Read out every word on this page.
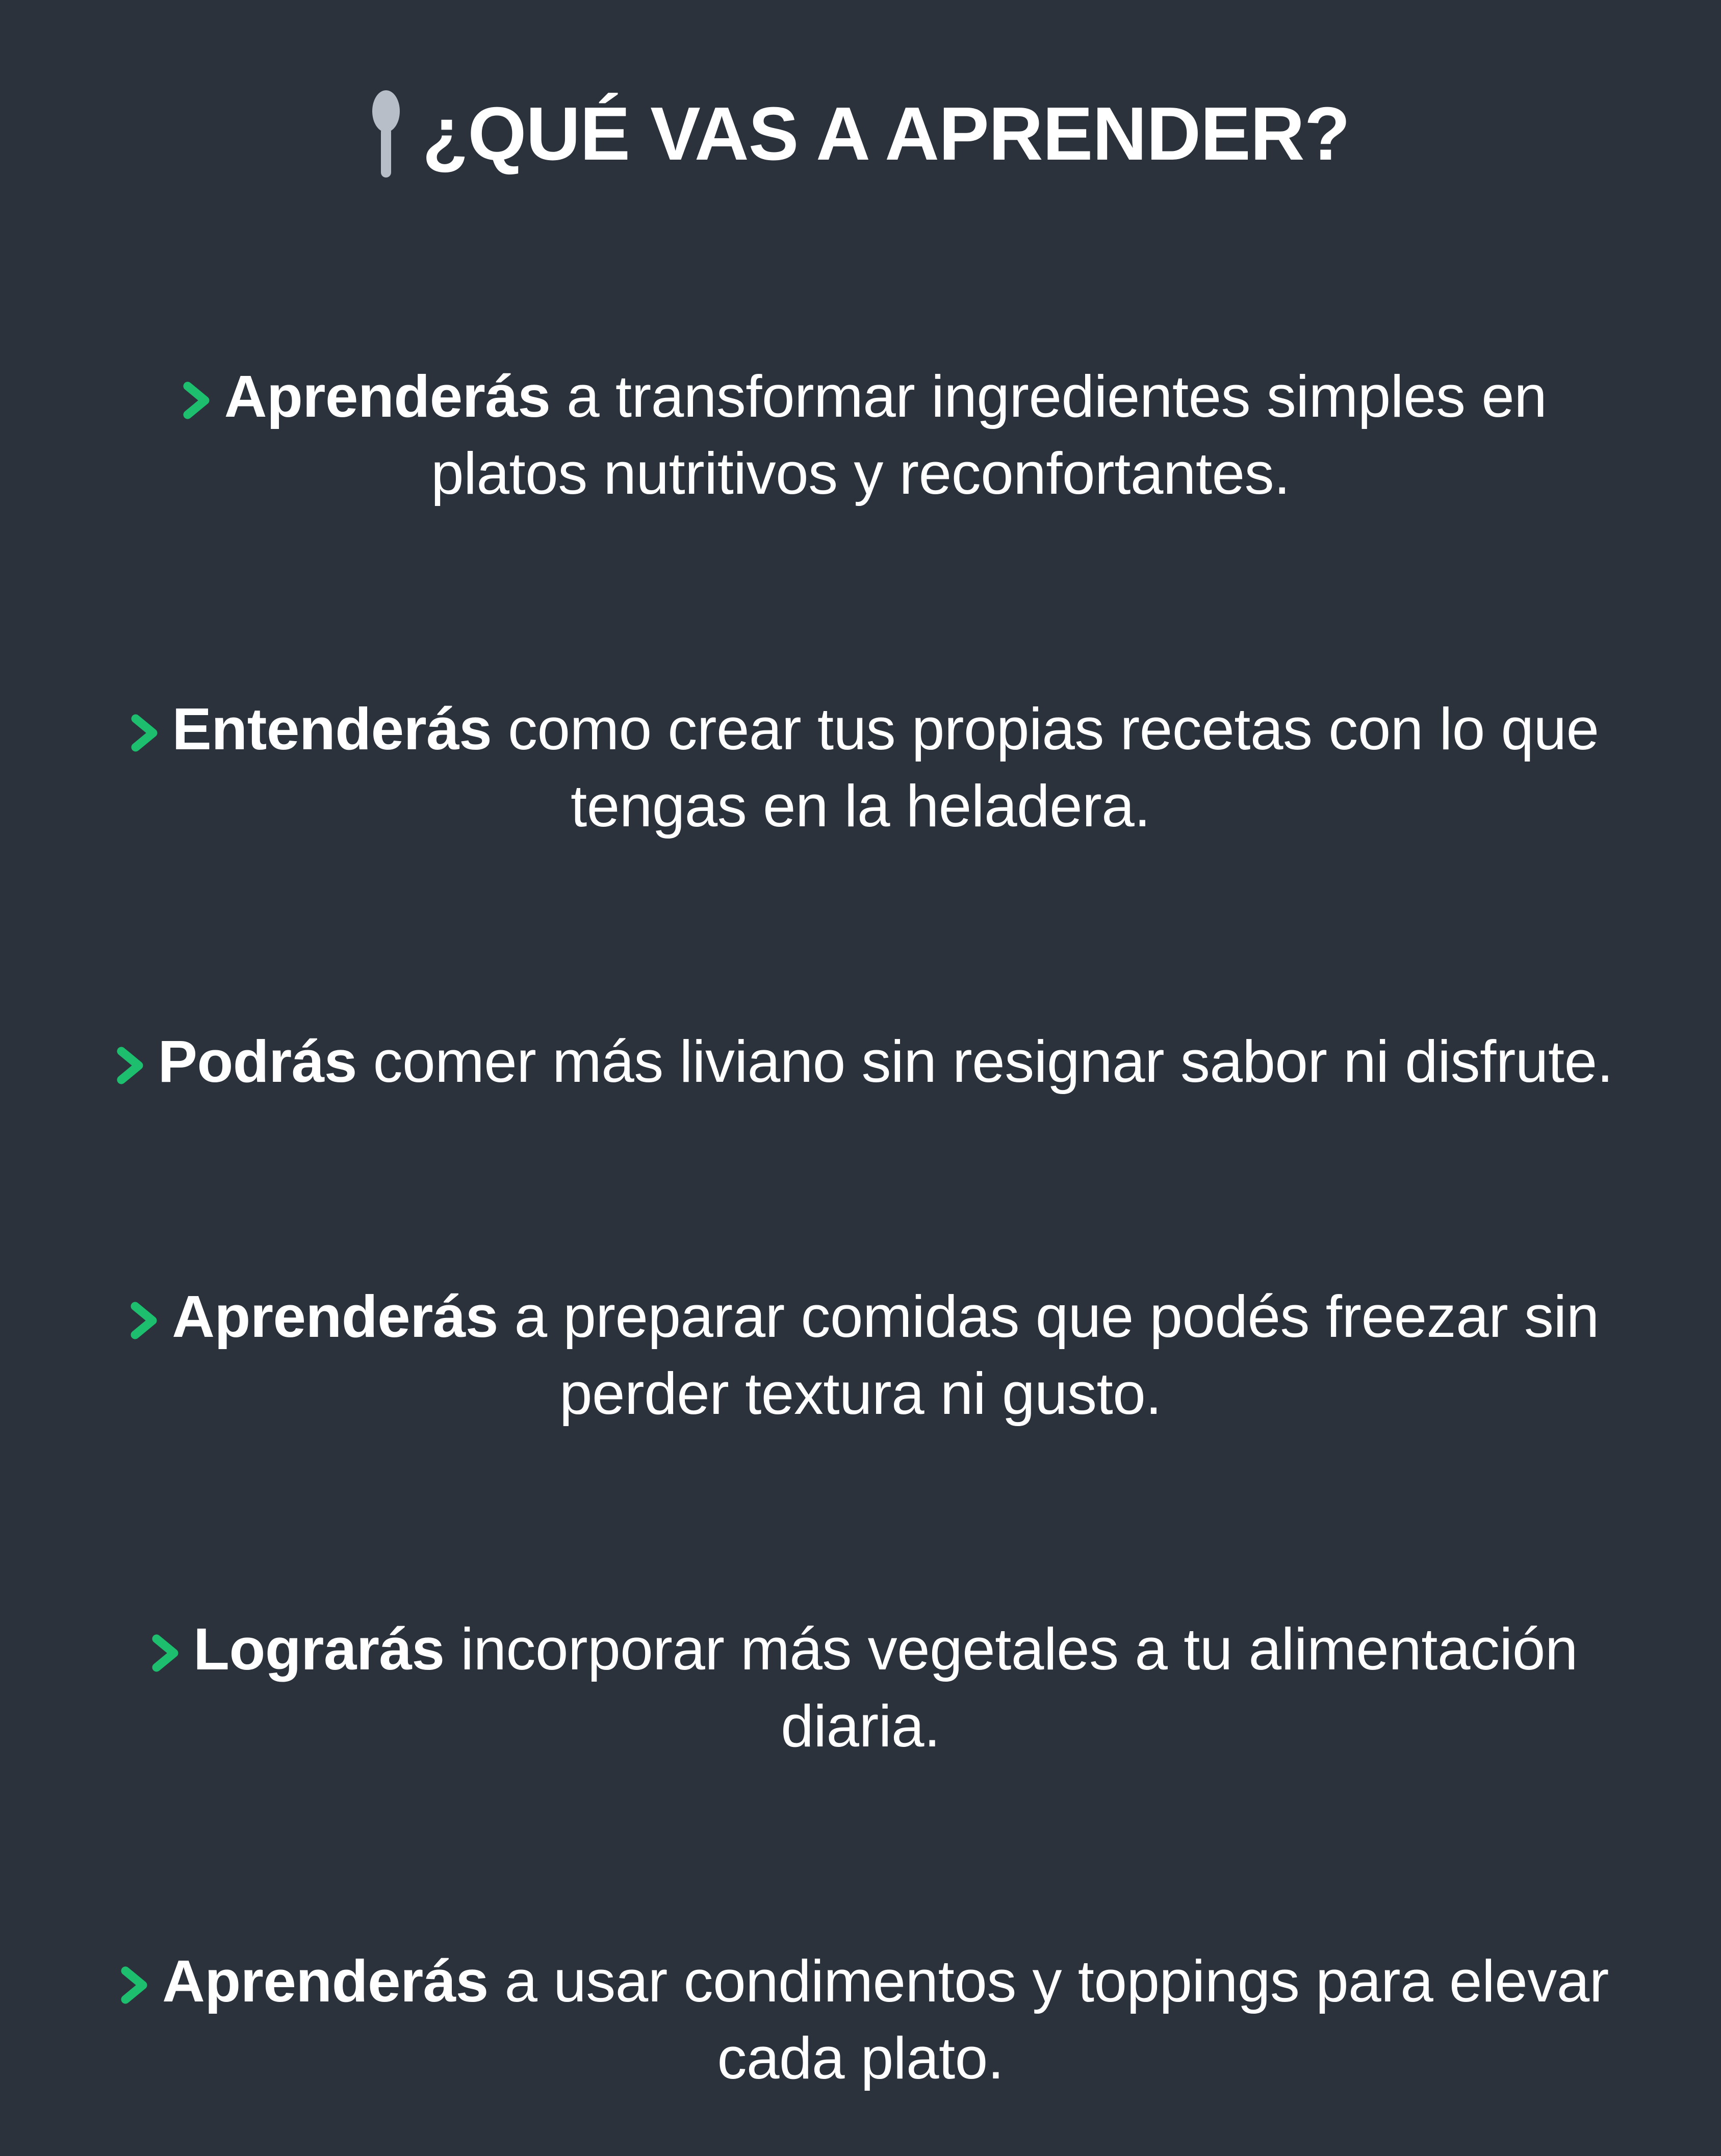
¿QUÉ VAS A APRENDER?

Aprenderás a transformar ingredientes simples en platos nutritivos y reconfortantes.

Entenderás como crear tus propias recetas con lo que tengas en la heladera.

Podrás comer más liviano sin resignar sabor ni disfrute.

Aprenderás a preparar comidas que podés freezar sin perder textura ni gusto.

Lograrás incorporar más vegetales a tu alimentación diaria.

Aprenderás a usar condimentos y toppings para elevar cada plato.
